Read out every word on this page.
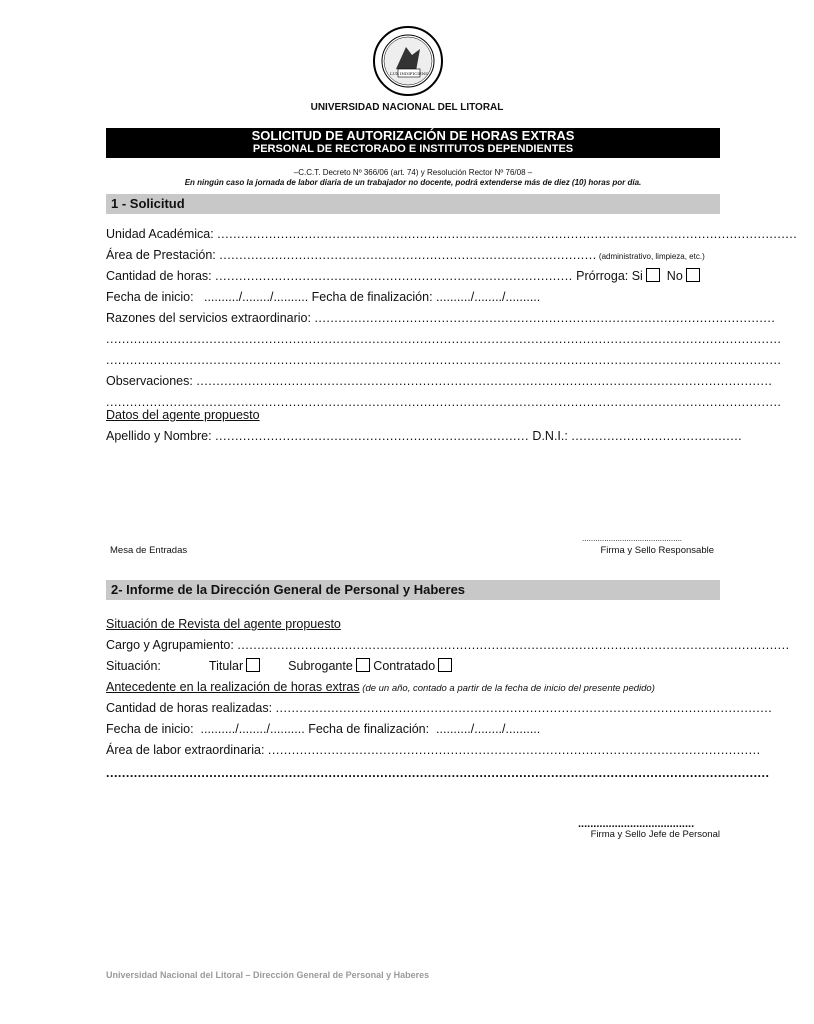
LUX INDIFICIENS
UNIVERSIDAD NACIONAL DEL LITORAL
SOLICITUD DE AUTORIZACIÓN DE HORAS EXTRAS
PERSONAL DE RECTORADO E INSTITUTOS DEPENDIENTES
–C.C.T. Decreto Nº 366/06 (art. 74) y Resolución Rector Nº 76/08 –
En ningún caso la jornada de labor diaria de un trabajador no docente, podrá extenderse más de diez (10) horas por día.
1 - Solicitud
Unidad Académica: ..................................................................................................................................................
Área de Prestación: ............................................................................................... (administrativo, limpieza, etc.)
Cantidad de horas: .......................................................................................... Prórroga: Si No
Fecha de inicio: ........../......../.......... Fecha de finalización: ........../......../..........
Razones del servicios extraordinario: ....................................................................................................................
..........................................................................................................................................................................
..........................................................................................................................................................................
Observaciones: .................................................................................................................................................
..........................................................................................................................................................................
Datos del agente propuesto
Apellido y Nombre: ............................................................................... D.N.I.: ...........................................
.............................................
Mesa de Entradas	Firma y Sello Responsable
2- Informe de la Dirección General de Personal y Haberes
Situación de Revista del agente propuesto
Cargo y Agrupamiento: ...........................................................................................................................................
Situación:	Titular	Subrogante Contratado
Antecedente en la realización de horas extras (de un año, contado a partir de la fecha de inicio del presente pedido)
Cantidad de horas realizadas: .............................................................................................................................
Fecha de inicio: ........../......../.......... Fecha de finalización: ........../......../..........
Área de labor extraordinaria: ............................................................................................................................
.......................................................................................................................................................................
......................................
Firma y Sello Jefe de Personal
Universidad Nacional del Litoral – Dirección General de Personal y Haberes
